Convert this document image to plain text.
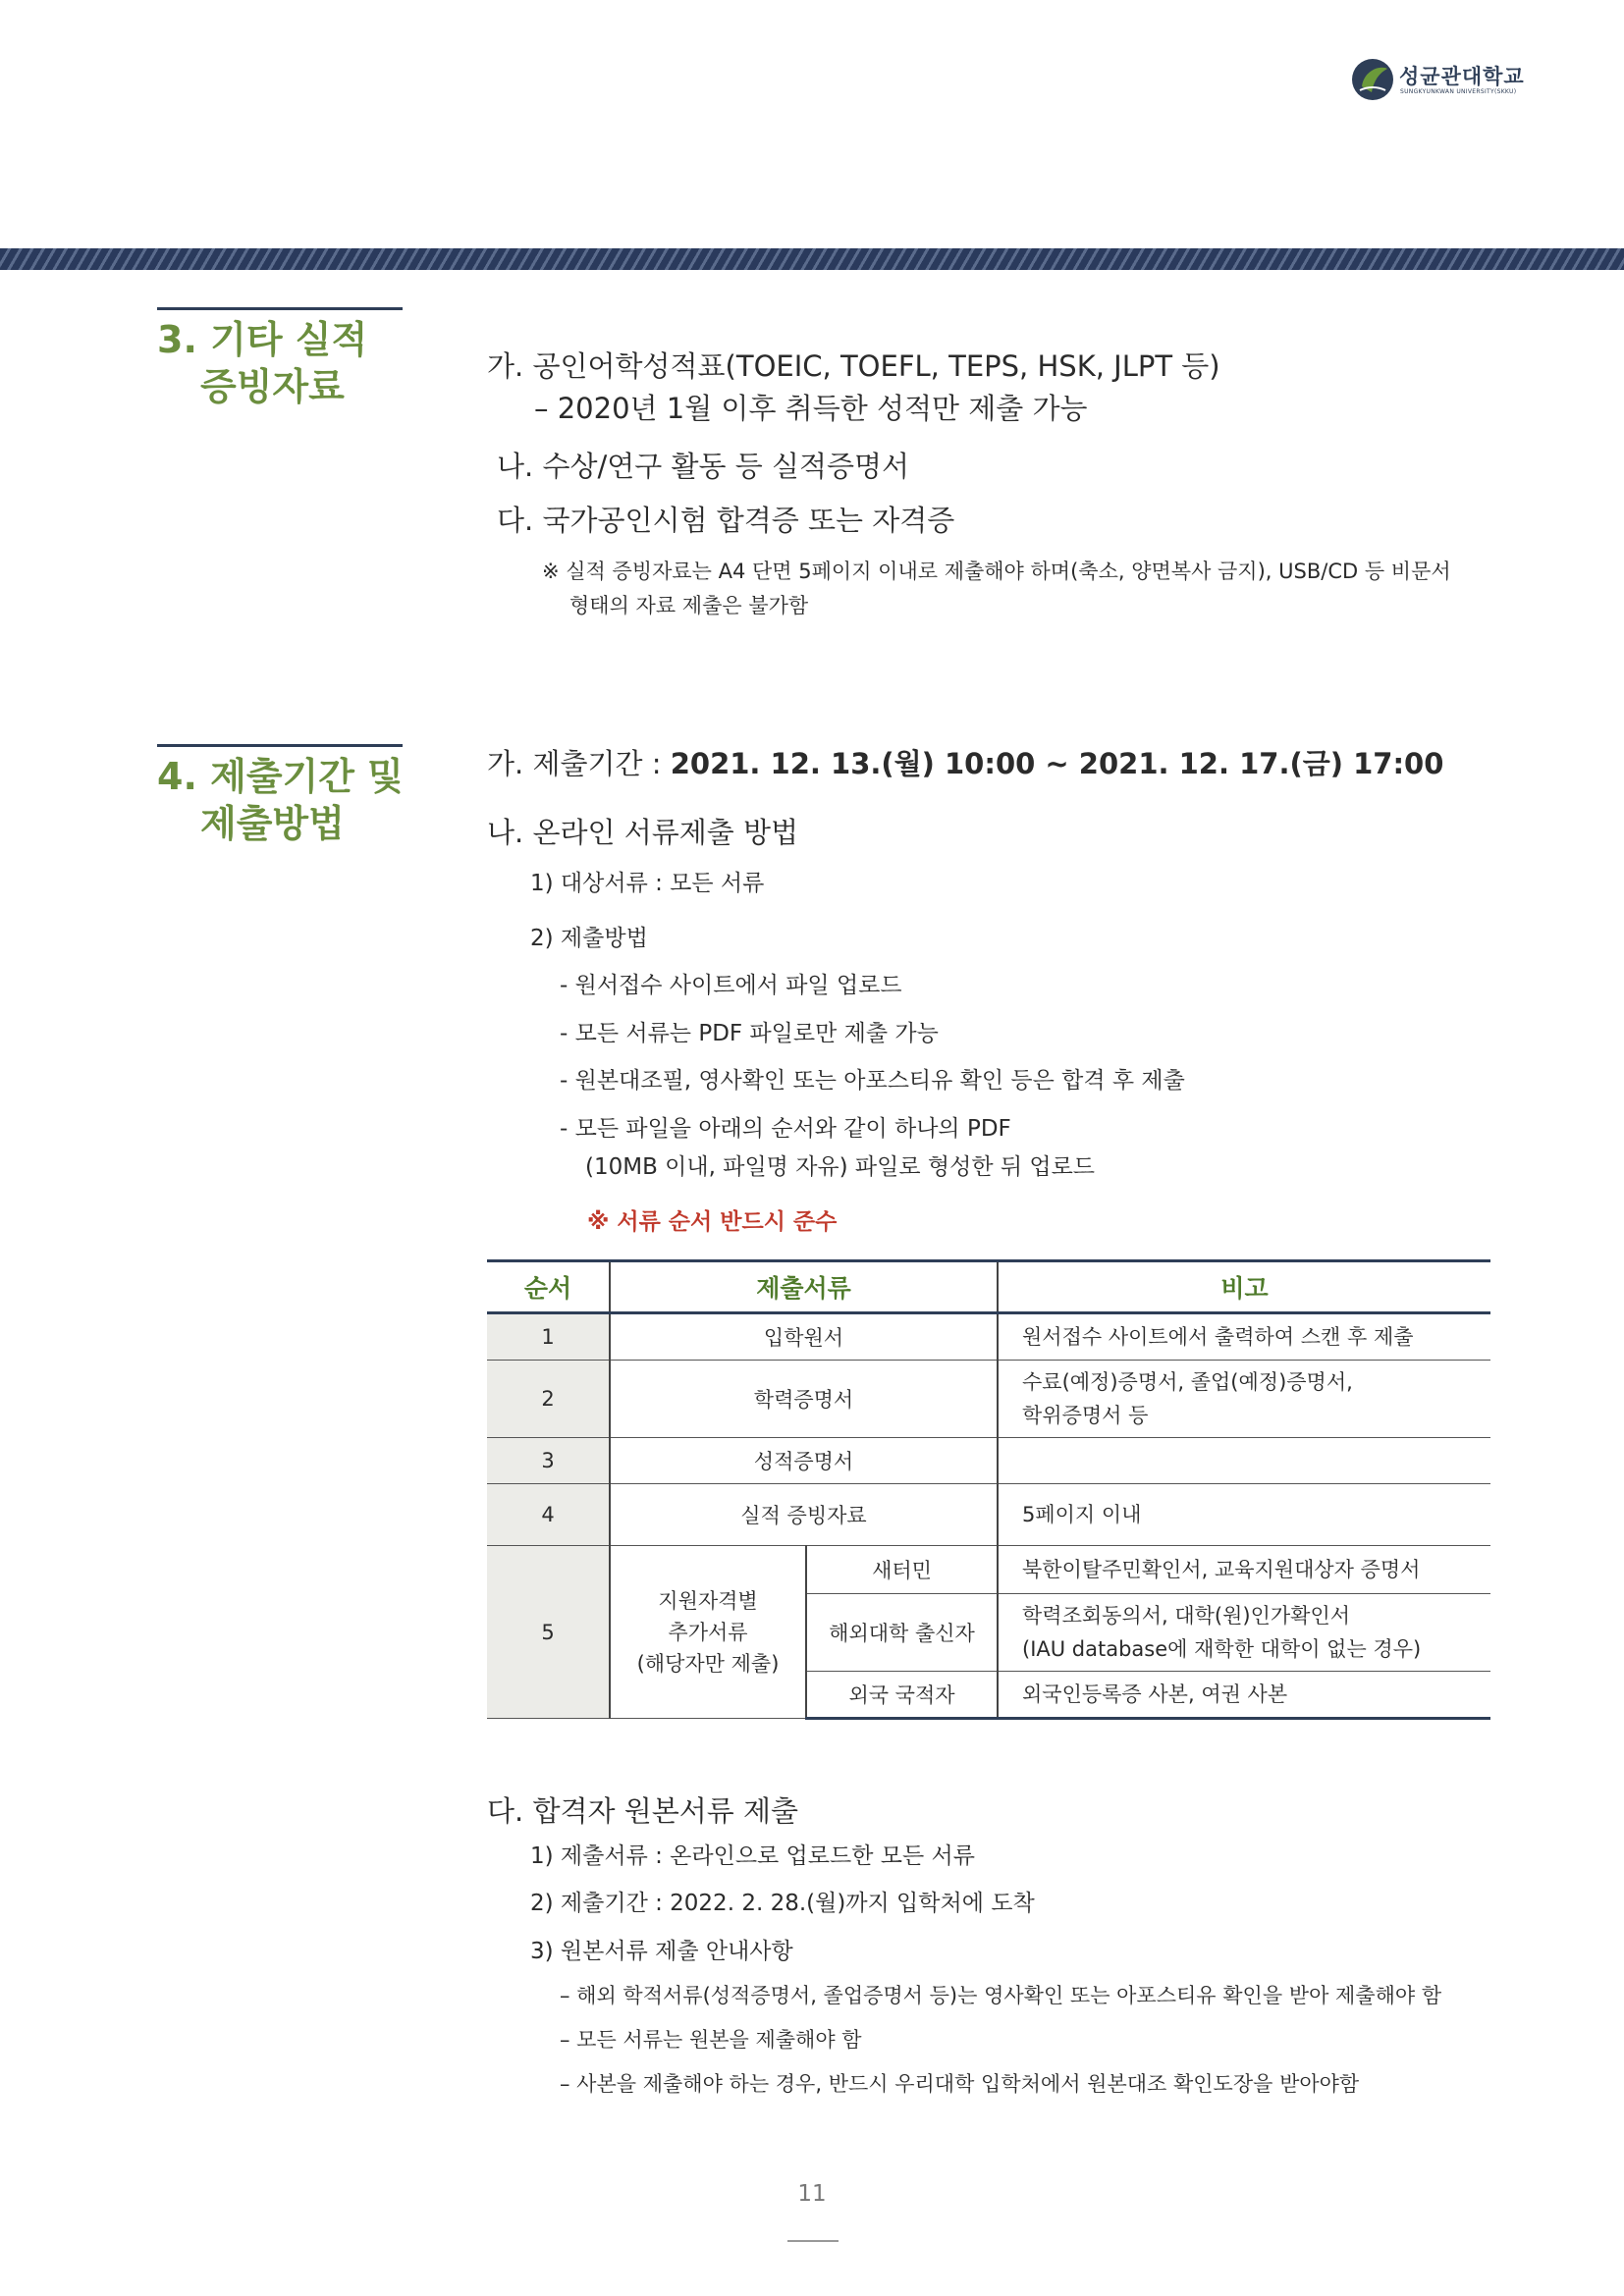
성균관대학교
SUNGKYUNKWAN UNIVERSITY(SKKU)
3. 기타 실적
증빙자료	가. 공인어학성적표(TOEIC, TOEFL, TEPS, HSK, JLPT 등)
– 2020년 1월 이후 취득한 성적만 제출 가능
나. 수상/연구 활동 등 실적증명서
다. 국가공인시험 합격증 또는 자격증
※ 실적 증빙자료는 A4 단면 5페이지 이내로 제출해야 하며(축소, 양면복사 금지), USB/CD 등 비문서
형태의 자료 제출은 불가함
4. 제출기간 및
제출방법
가. 제출기간 : 2021. 12. 13.(월) 10:00 ~ 2021. 12. 17.(금) 17:00
나. 온라인 서류제출 방법
1) 대상서류 : 모든 서류
2) 제출방법
- 원서접수 사이트에서 파일 업로드
- 모든 서류는 PDF 파일로만 제출 가능
- 원본대조필, 영사확인 또는 아포스티유 확인 등은 합격 후 제출
- 모든 파일을 아래의 순서와 같이 하나의 PDF
(10MB 이내, 파일명 자유) 파일로 형성한 뒤 업로드
※ 서류 순서 반드시 준수
순서	제출서류		비고
1	입학원서		원서접수 사이트에서 출력하여 스캔 후 제출
2	학력증명서		수료(예정)증명서, 졸업(예정)증명서,
학위증명서 등

3	성적증명서		
4	실적 증빙자료		5페이지 이내
5	지원자격별
추가서류
(해당자만 제출)	새터민	북한이탈주민확인서, 교육지원대상자 증명서
		해외대학 출신자	학력조회동의서, 대학(원)인가확인서
(IAU database에 재학한 대학이 없는 경우)

		외국 국적자	외국인등록증 사본, 여권 사본
다. 합격자 원본서류 제출
1) 제출서류 : 온라인으로 업로드한 모든 서류
2) 제출기간 : 2022. 2. 28.(월)까지 입학처에 도착
3) 원본서류 제출 안내사항
– 해외 학적서류(성적증명서, 졸업증명서 등)는 영사확인 또는 아포스티유 확인을 받아 제출해야 함
– 모든 서류는 원본을 제출해야 함
– 사본을 제출해야 하는 경우, 반드시 우리대학 입학처에서 원본대조 확인도장을 받아야함
11
